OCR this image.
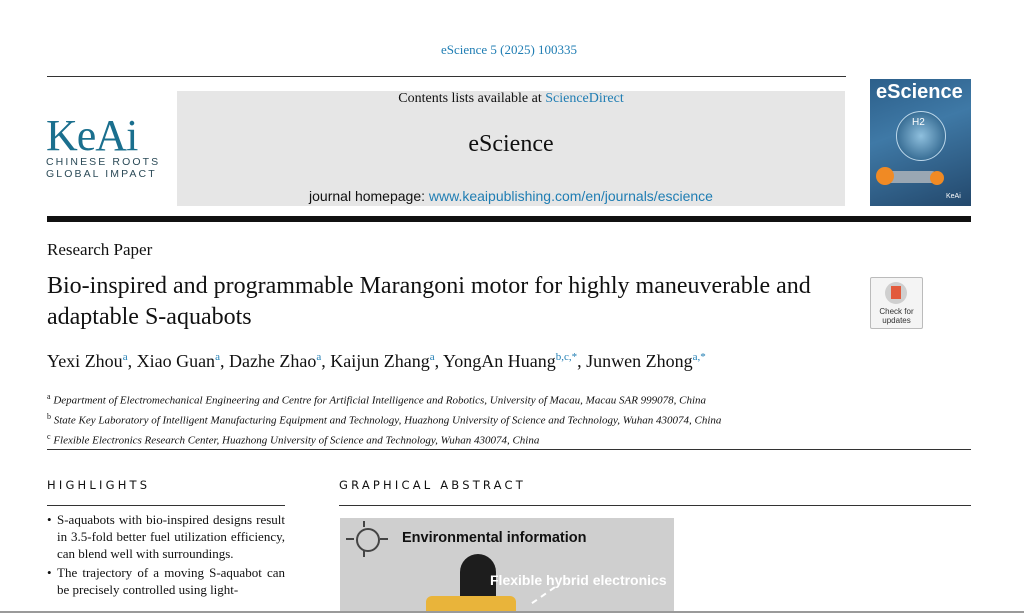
eScience 5 (2025) 100335
KeAi
CHINESE ROOTS
GLOBAL IMPACT
Contents lists available at ScienceDirect
eScience
journal homepage: www.keaipublishing.com/en/journals/escience
eScience
H2
KeAi
Research Paper
Bio-inspired and programmable Marangoni motor for highly maneuverable and adaptable S-aquabots	Check for updates
Yexi Zhou$^a$, Xiao Guan$^a$, Dazhe Zhao$^a$, Kaijun Zhang$^a$, YongAn Huang$^{b,c,*}$, Junwen Zhong$^{a,*}$
$^a$ Department of Electromechanical Engineering and Centre for Artificial Intelligence and Robotics, University of Macau, Macau SAR 999078, China
$^b$ State Key Laboratory of Intelligent Manufacturing Equipment and Technology, Huazhong University of Science and Technology, Wuhan 430074, China
$^c$ Flexible Electronics Research Center, Huazhong University of Science and Technology, Wuhan 430074, China
HIGHLIGHTS	GRAPHICAL ABSTRACT
• S-aquabots with bio-inspired designs result in 3.5-fold better fuel utilization efficiency, can blend well with surroundings.
• The trajectory of a moving S-aquabot can be precisely controlled using light-
Environmental information
Flexible hybrid electronics
